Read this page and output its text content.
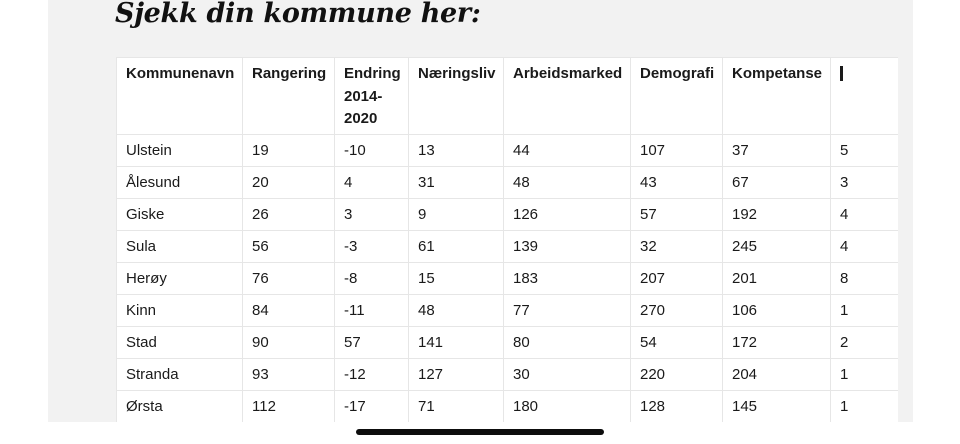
Sjekk din kommune her:
Kommunenavn	Rangering	Endring 2014-2020	Næringsliv	Arbeidsmarked	Demografi	Kompetanse	
Ulstein	19	-10	13	44	107	37	5
Ålesund	20	4	31	48	43	67	3
Giske	26	3	9	126	57	192	4
Sula	56	-3	61	139	32	245	4
Herøy	76	-8	15	183	207	201	8
Kinn	84	-11	48	77	270	106	1
Stad	90	57	141	80	54	172	2
Stranda	93	-12	127	30	220	204	1
Ørsta	112	-17	71	180	128	145	1
